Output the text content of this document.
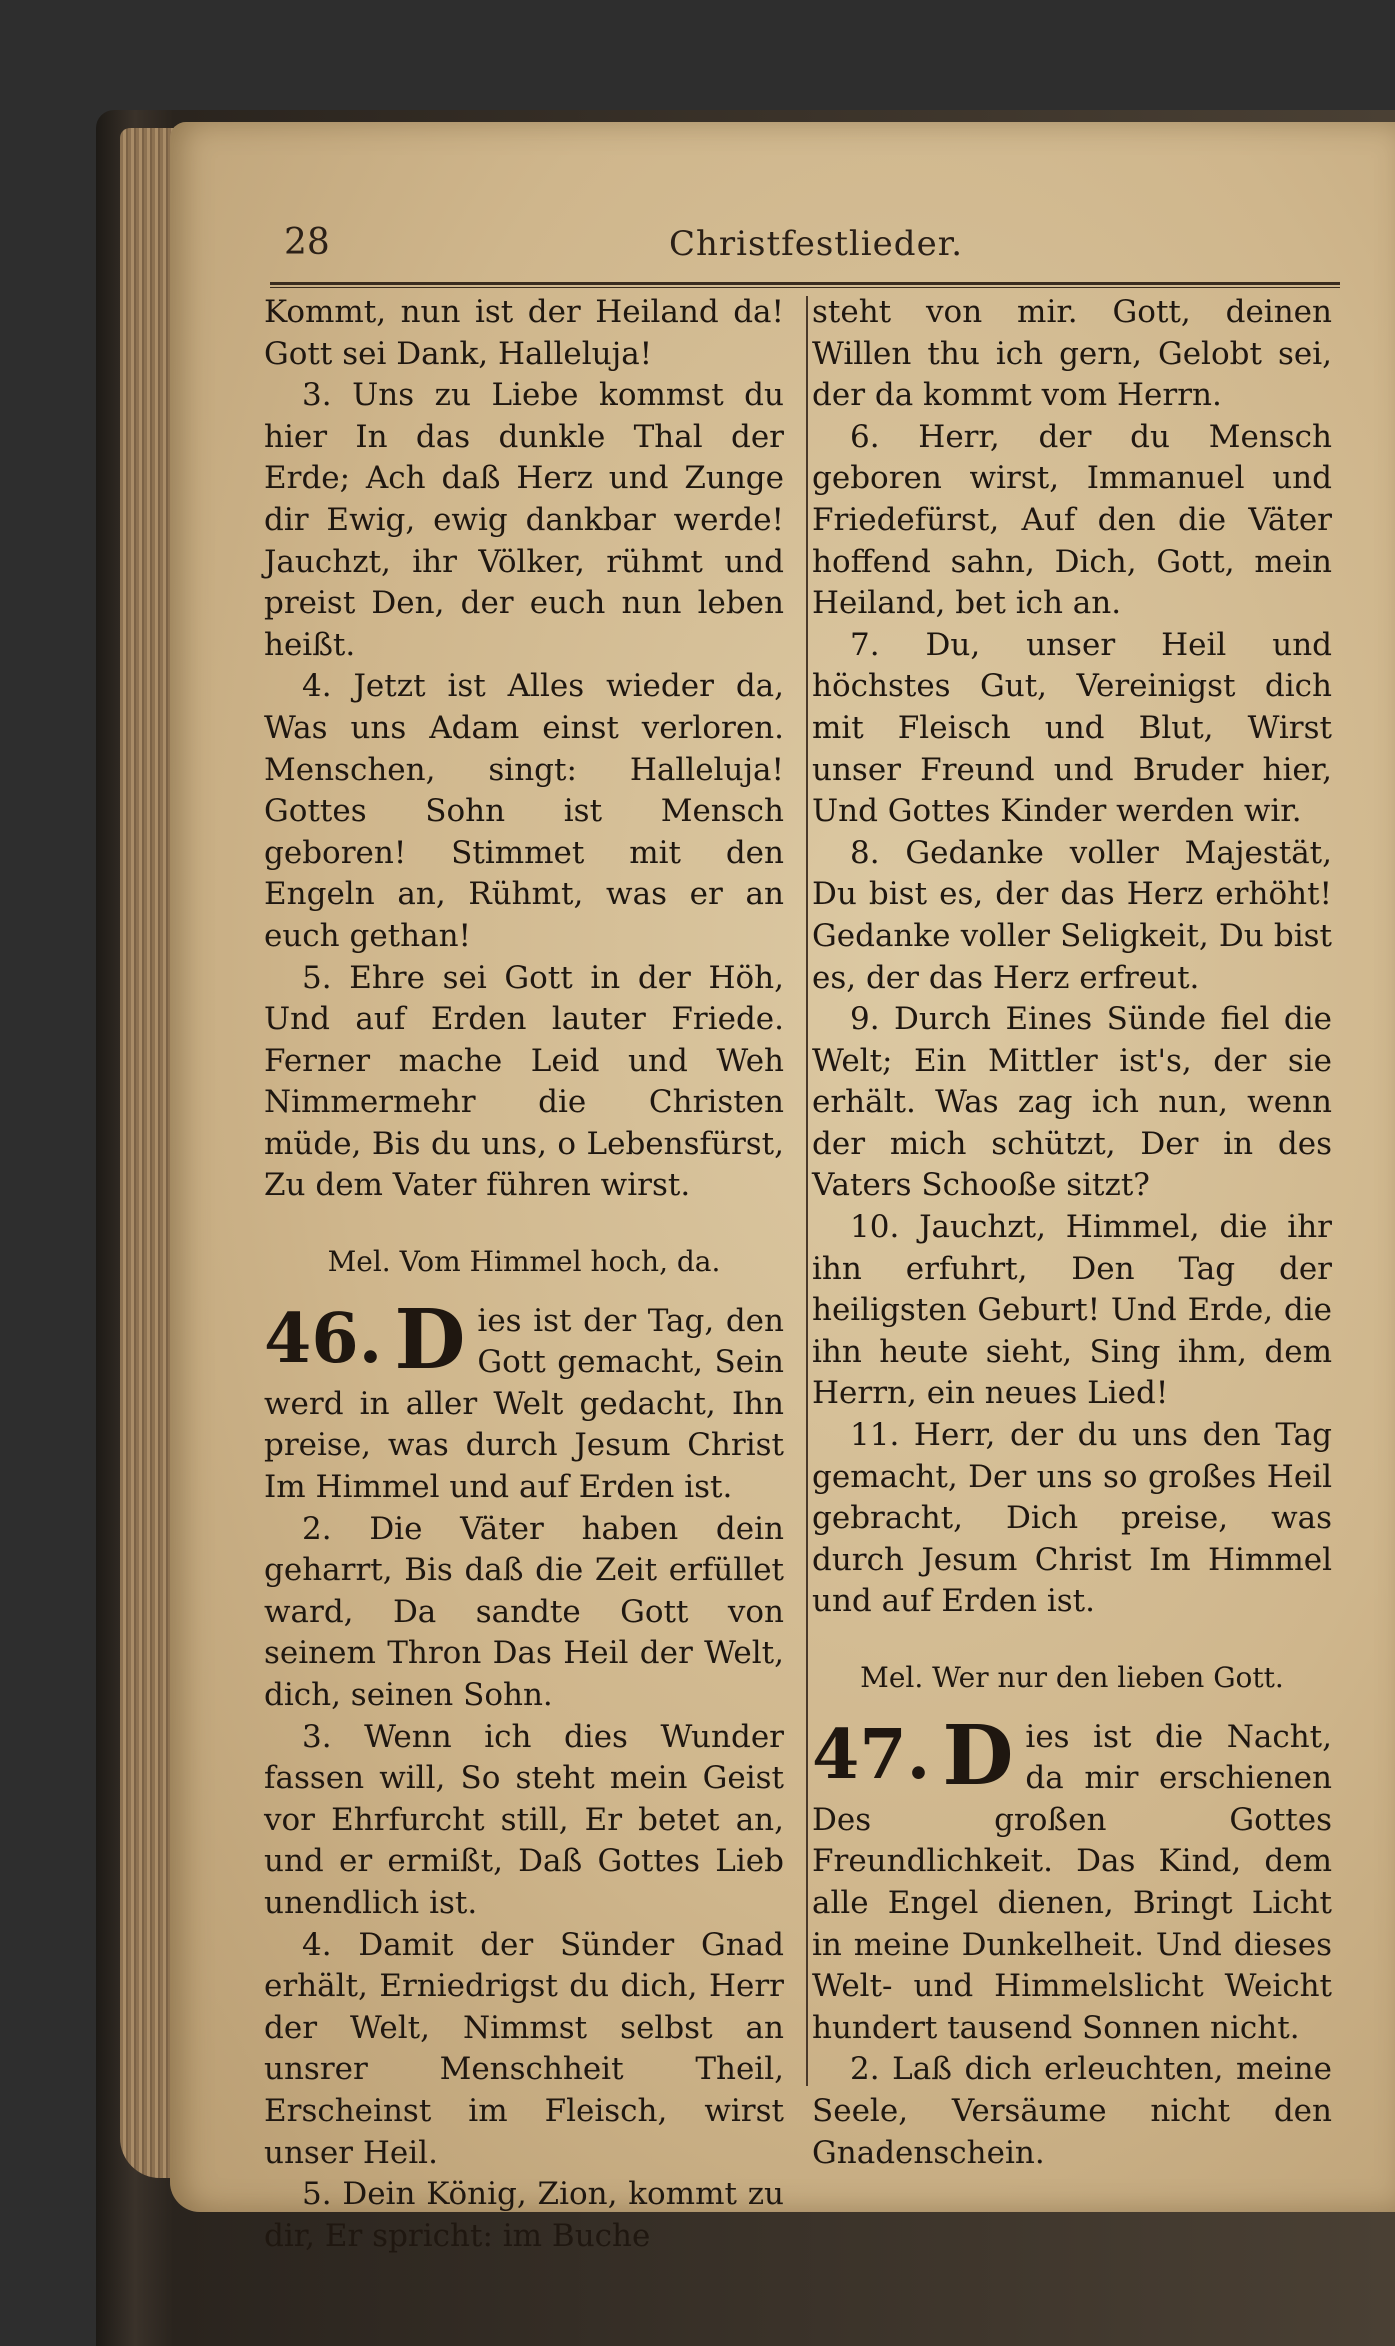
28	Christfestlieder.

Kommt, nun ist der Heiland da! Gott sei Dank, Halleluja!

3. Uns zu Liebe kommst du hier In das dunkle Thal der Erde; Ach daß Herz und Zunge dir Ewig, ewig dankbar werde! Jauchzt, ihr Völker, rühmt und preist Den, der euch nun leben heißt.

4. Jetzt ist Alles wieder da, Was uns Adam einst verloren. Menschen, singt: Halleluja! Gottes Sohn ist Mensch geboren! Stimmet mit den Engeln an, Rühmt, was er an euch gethan!

5. Ehre sei Gott in der Höh, Und auf Erden lauter Friede. Ferner mache Leid und Weh Nimmermehr die Christen müde, Bis du uns, o Lebensfürst, Zu dem Vater führen wirst.

Mel. Vom Himmel hoch, da.

46. D ies ist der Tag, den Gott gemacht, Sein werd in aller Welt gedacht, Ihn preise, was durch Jesum Christ Im Himmel und auf Erden ist.

2. Die Väter haben dein geharrt, Bis daß die Zeit erfüllet ward, Da sandte Gott von seinem Thron Das Heil der Welt, dich, seinen Sohn.

3. Wenn ich dies Wunder fassen will, So steht mein Geist vor Ehrfurcht still, Er betet an, und er ermißt, Daß Gottes Lieb unendlich ist.

4. Damit der Sünder Gnad erhält, Erniedrigst du dich, Herr der Welt, Nimmst selbst an unsrer Menschheit Theil, Erscheinst im Fleisch, wirst unser Heil.

5. Dein König, Zion, kommt zu dir, Er spricht: im Buche

steht von mir. Gott, deinen Willen thu ich gern, Gelobt sei, der da kommt vom Herrn.

6. Herr, der du Mensch geboren wirst, Immanuel und Friedefürst, Auf den die Väter hoffend sahn, Dich, Gott, mein Heiland, bet ich an.

7. Du, unser Heil und höchstes Gut, Vereinigst dich mit Fleisch und Blut, Wirst unser Freund und Bruder hier, Und Gottes Kinder werden wir.

8. Gedanke voller Majestät, Du bist es, der das Herz erhöht! Gedanke voller Seligkeit, Du bist es, der das Herz erfreut.

9. Durch Eines Sünde fiel die Welt; Ein Mittler ist's, der sie erhält. Was zag ich nun, wenn der mich schützt, Der in des Vaters Schooße sitzt?

10. Jauchzt, Himmel, die ihr ihn erfuhrt, Den Tag der heiligsten Geburt! Und Erde, die ihn heute sieht, Sing ihm, dem Herrn, ein neues Lied!

11. Herr, der du uns den Tag gemacht, Der uns so großes Heil gebracht, Dich preise, was durch Jesum Christ Im Himmel und auf Erden ist.

Mel. Wer nur den lieben Gott.

47. D ies ist die Nacht, da mir erschienen Des großen Gottes Freundlichkeit. Das Kind, dem alle Engel dienen, Bringt Licht in meine Dunkelheit. Und dieses Welt- und Himmelslicht Weicht hundert tausend Sonnen nicht.

2. Laß dich erleuchten, meine Seele, Versäume nicht den Gnadenschein.
